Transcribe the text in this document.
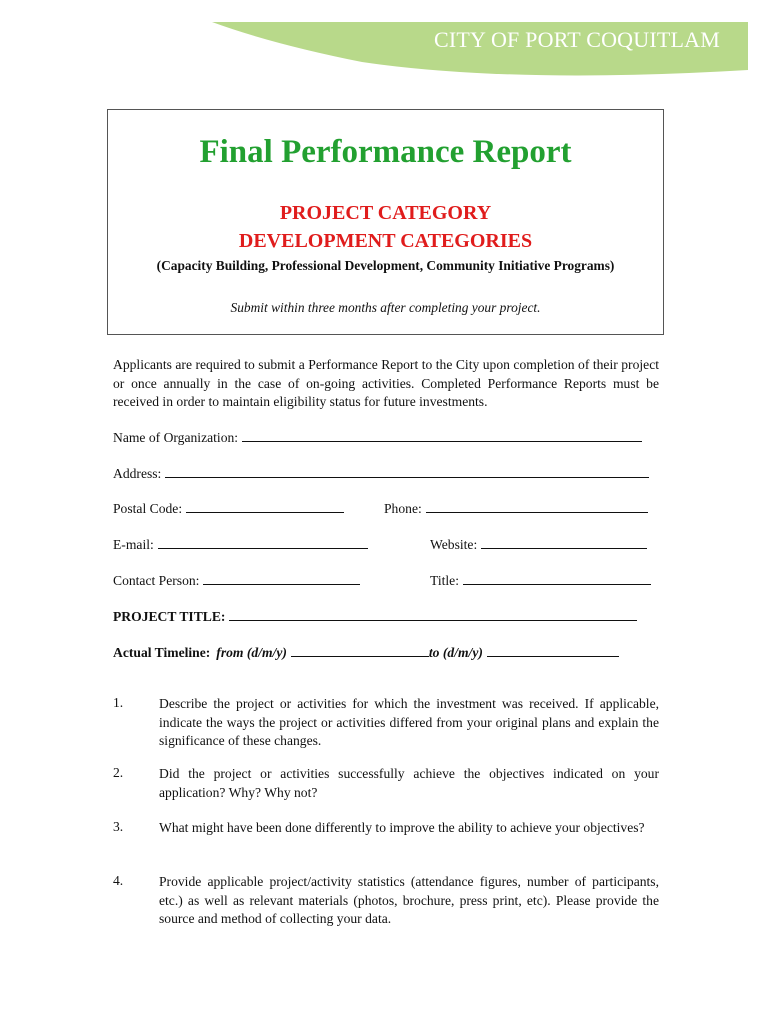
CITY OF PORT COQUITLAM
Final Performance Report
PROJECT CATEGORY
DEVELOPMENT CATEGORIES
(Capacity Building, Professional Development, Community Initiative Programs)
Submit within three months after completing your project.
Applicants are required to submit a Performance Report to the City upon completion of their project or once annually in the case of on-going activities. Completed Performance Reports must be received in order to maintain eligibility status for future investments.
Name of Organization:
Address:
Postal Code:	Phone:
E-mail:	Website:
Contact Person:	Title:
PROJECT TITLE:
Actual Timeline: from (d/m/y)	to (d/m/y)
1.	Describe the project or activities for which the investment was received. If applicable, indicate the ways the project or activities differed from your original plans and explain the significance of these changes.
2.	Did the project or activities successfully achieve the objectives indicated on your application? Why? Why not?
3.	What might have been done differently to improve the ability to achieve your objectives?
4.	Provide applicable project/activity statistics (attendance figures, number of participants, etc.) as well as relevant materials (photos, brochure, press print, etc). Please provide the source and method of collecting your data.
